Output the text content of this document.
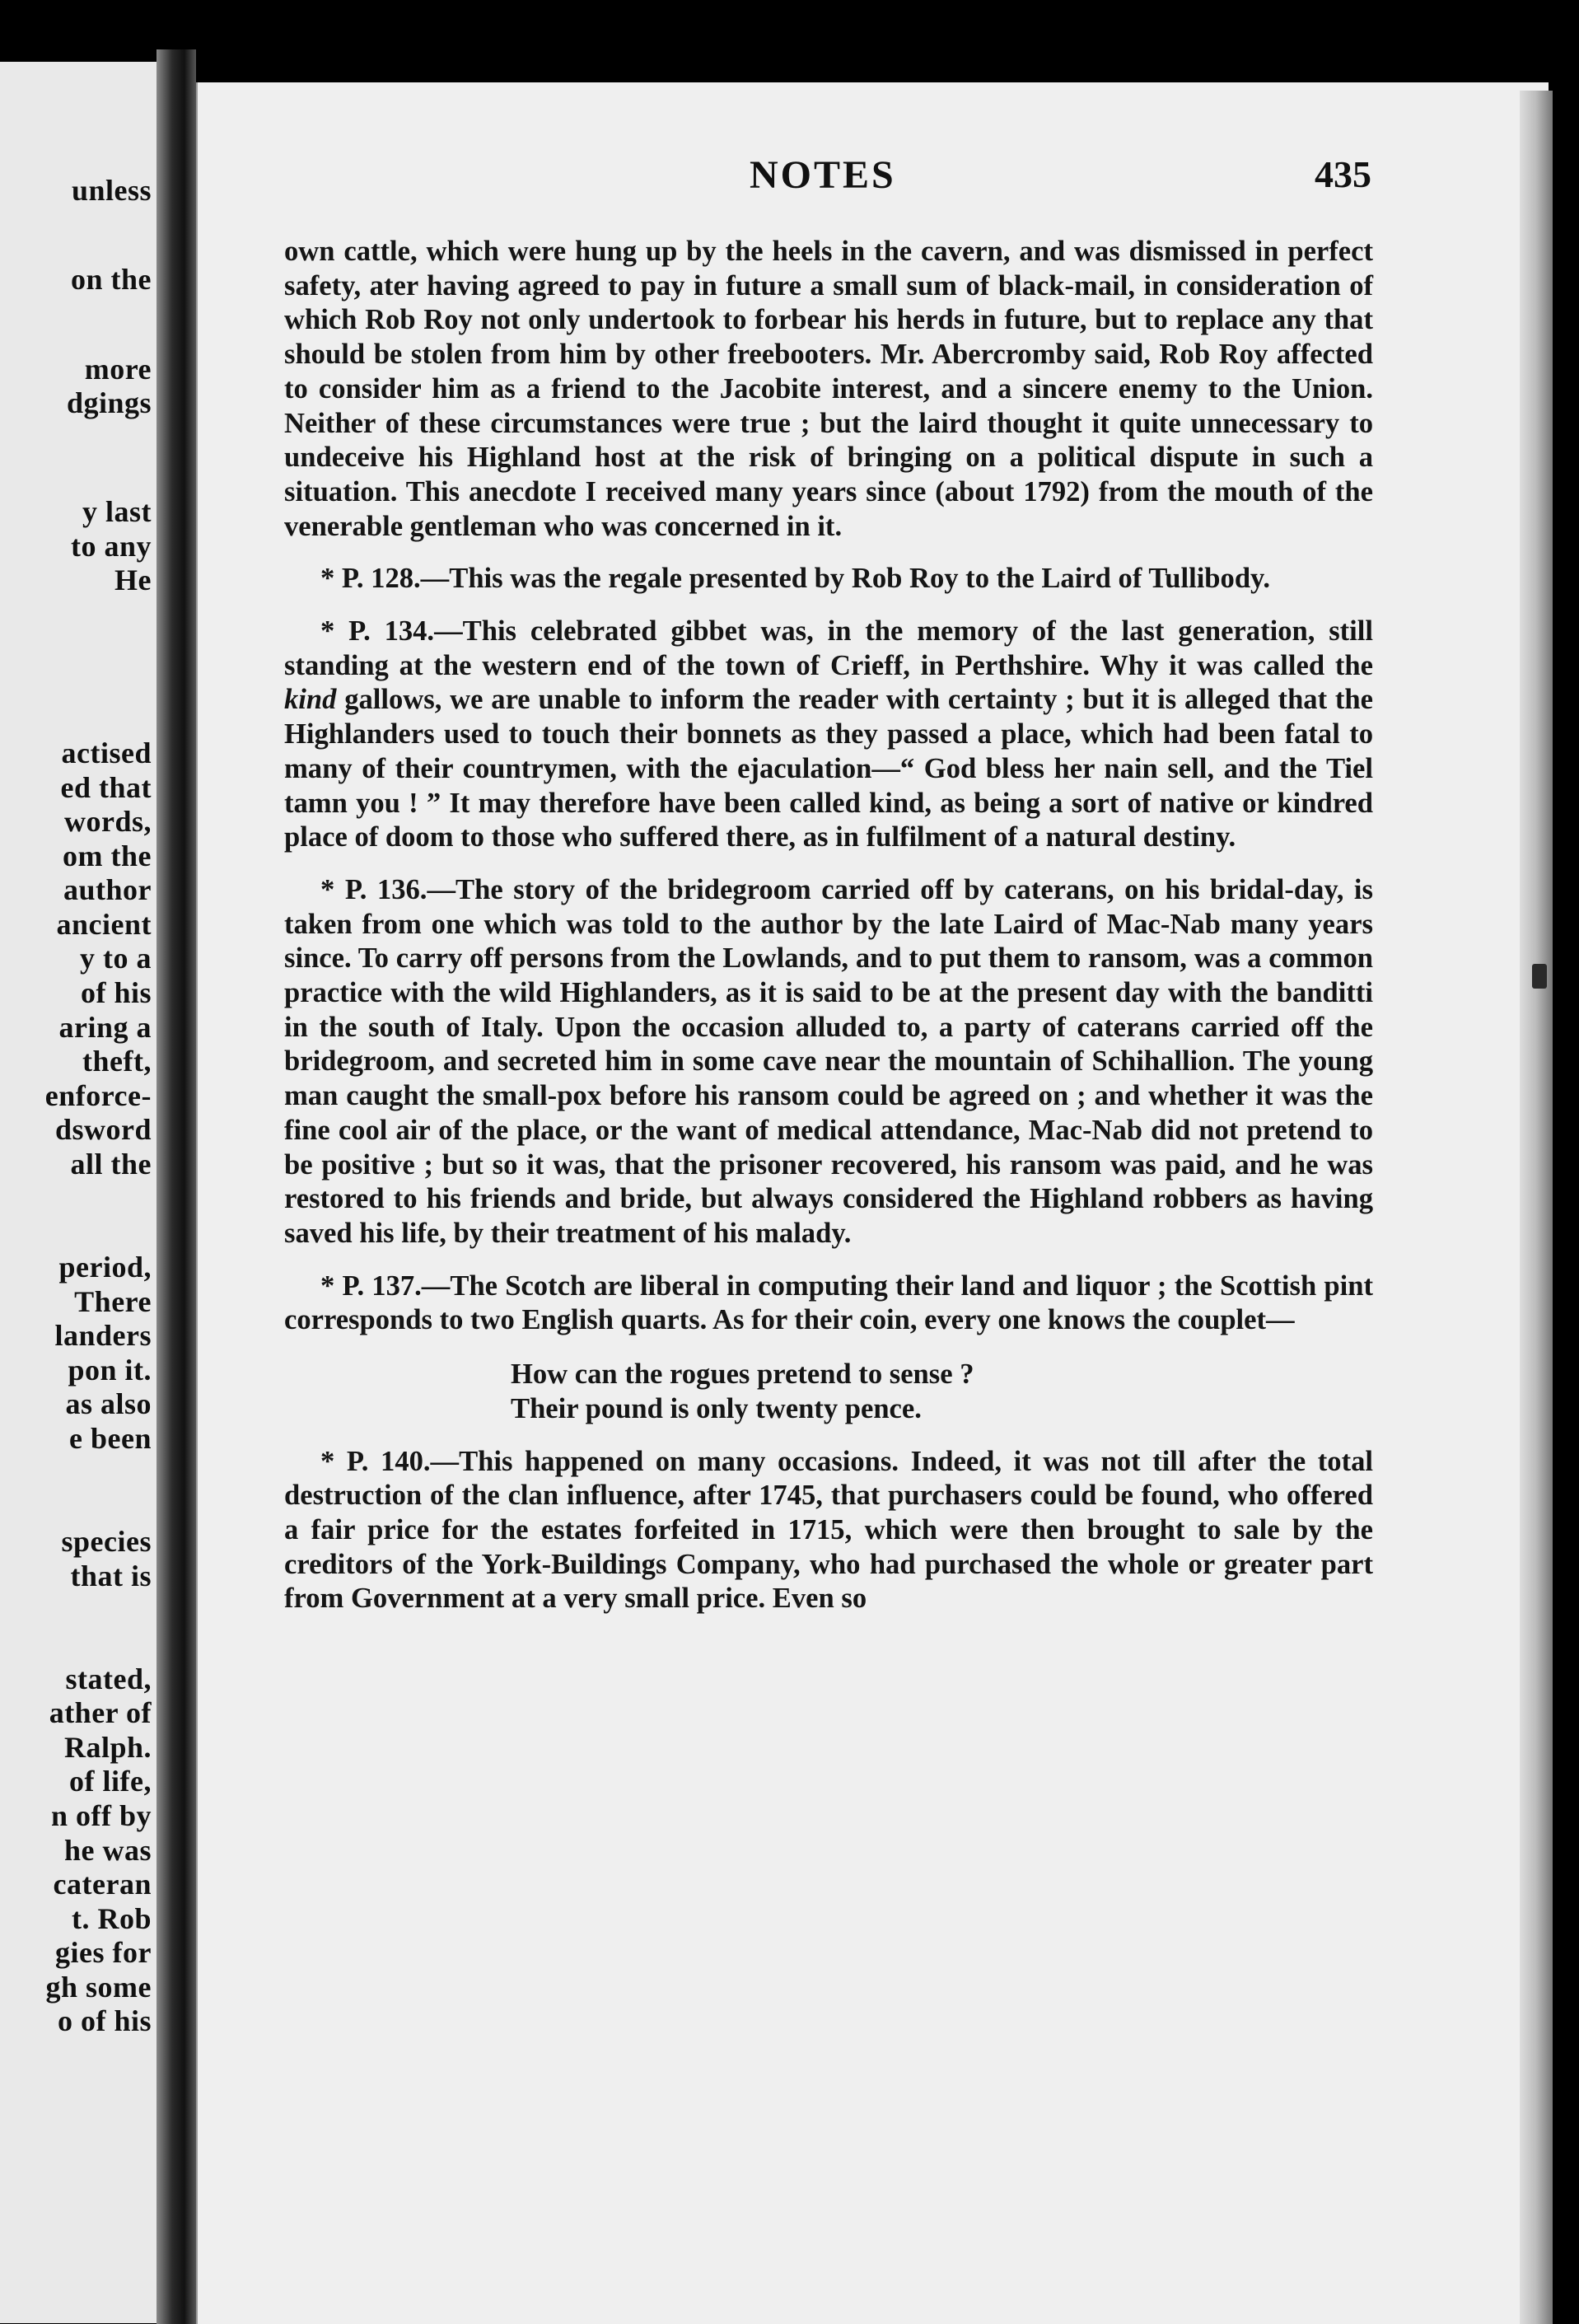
unless
on the
more
dgings
y last
to any
He
actised
ed that
words,
om the
author
ancient
y to a
of his
aring a
theft,
enforce-
dsword
all the
period,
There
landers
pon it.
as also
e been
species
that is
stated,
ather of
Ralph.
of life,
n off by
he was
cateran
t. Rob
gies for
gh some
o of his
NOTES	435

own cattle, which were hung up by the heels in the cavern, and was dismissed in perfect safety, ater having agreed to pay in future a small sum of black-mail, in consideration of which Rob Roy not only undertook to forbear his herds in future, but to replace any that should be stolen from him by other freebooters. Mr. Abercromby said, Rob Roy affected to consider him as a friend to the Jacobite interest, and a sincere enemy to the Union. Neither of these circumstances were true ; but the laird thought it quite unnecessary to undeceive his Highland host at the risk of bringing on a political dispute in such a situation. This anecdote I received many years since (about 1792) from the mouth of the venerable gentleman who was concerned in it.

* P. 128.—This was the regale presented by Rob Roy to the Laird of Tullibody.

* P. 134.—This celebrated gibbet was, in the memory of the last generation, still standing at the western end of the town of Crieff, in Perthshire. Why it was called the kind gallows, we are unable to inform the reader with certainty ; but it is alleged that the Highlanders used to touch their bonnets as they passed a place, which had been fatal to many of their countrymen, with the ejaculation—“ God bless her nain sell, and the Tiel tamn you ! ” It may therefore have been called kind, as being a sort of native or kindred place of doom to those who suffered there, as in fulfilment of a natural destiny.

* P. 136.—The story of the bridegroom carried off by caterans, on his bridal-day, is taken from one which was told to the author by the late Laird of Mac-Nab many years since. To carry off persons from the Lowlands, and to put them to ransom, was a common practice with the wild Highlanders, as it is said to be at the present day with the banditti in the south of Italy. Upon the occasion alluded to, a party of caterans carried off the bridegroom, and secreted him in some cave near the mountain of Schihallion. The young man caught the small-pox before his ransom could be agreed on ; and whether it was the fine cool air of the place, or the want of medical attendance, Mac-Nab did not pretend to be positive ; but so it was, that the prisoner recovered, his ransom was paid, and he was restored to his friends and bride, but always considered the Highland robbers as having saved his life, by their treatment of his malady.

* P. 137.—The Scotch are liberal in computing their land and liquor ; the Scottish pint corresponds to two English quarts. As for their coin, every one knows the couplet—

How can the rogues pretend to sense ?
Their pound is only twenty pence.

* P. 140.—This happened on many occasions. Indeed, it was not till after the total destruction of the clan influence, after 1745, that purchasers could be found, who offered a fair price for the estates forfeited in 1715, which were then brought to sale by the creditors of the York-Buildings Company, who had purchased the whole or greater part from Government at a very small price. Even so
